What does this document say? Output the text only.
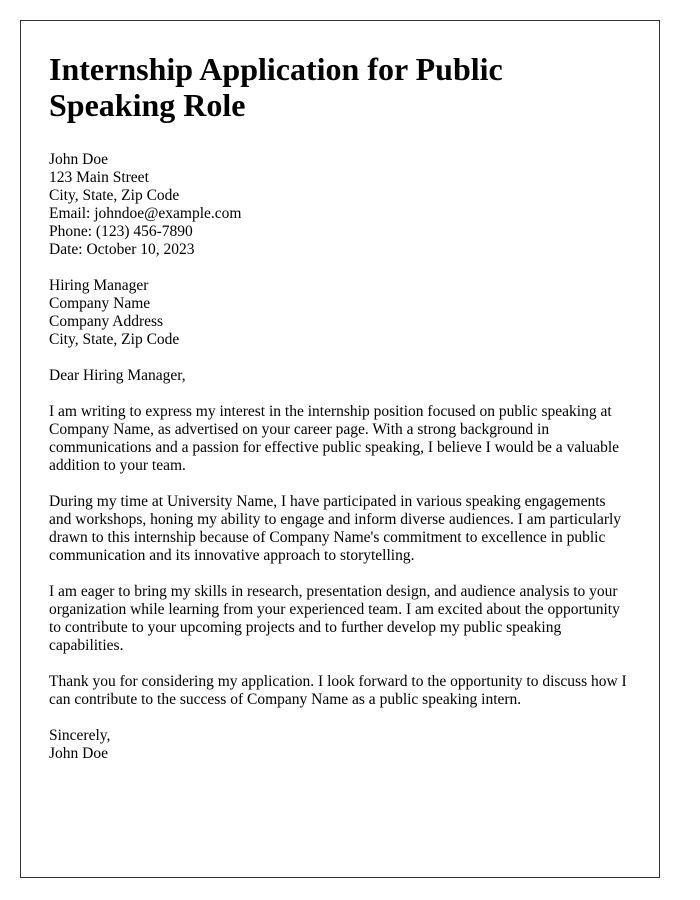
Internship Application for Public Speaking Role
John Doe
123 Main Street
City, State, Zip Code
Email: johndoe@example.com
Phone: (123) 456-7890
Date: October 10, 2023
Hiring Manager
Company Name
Company Address
City, State, Zip Code

Dear Hiring Manager,

I am writing to express my interest in the internship position focused on public speaking at Company Name, as advertised on your career page. With a strong background in communications and a passion for effective public speaking, I believe I would be a valuable addition to your team.

During my time at University Name, I have participated in various speaking engagements and workshops, honing my ability to engage and inform diverse audiences. I am particularly drawn to this internship because of Company Name's commitment to excellence in public communication and its innovative approach to storytelling.

I am eager to bring my skills in research, presentation design, and audience analysis to your organization while learning from your experienced team. I am excited about the opportunity to contribute to your upcoming projects and to further develop my public speaking capabilities.

Thank you for considering my application. I look forward to the opportunity to discuss how I can contribute to the success of Company Name as a public speaking intern.

Sincerely,
John Doe
